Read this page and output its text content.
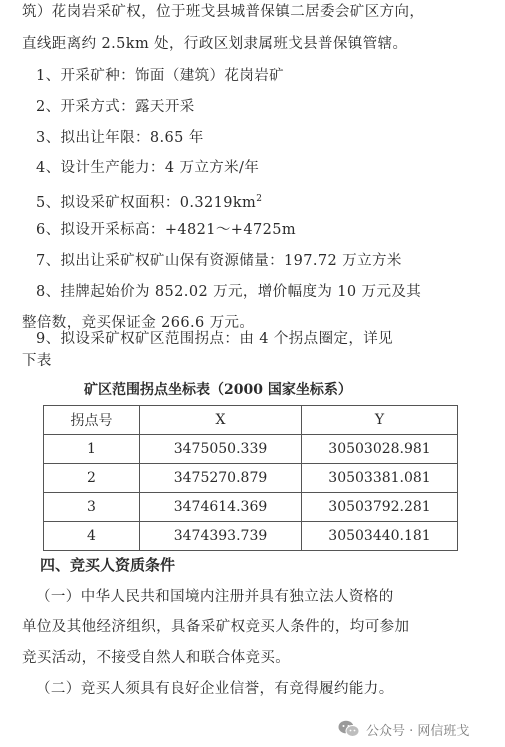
筑）花岗岩采矿权，位于班戈县城普保镇二居委会矿区方向，
直线距离约 2.5km 处，行政区划隶属班戈县普保镇管辖。
1、开采矿种：饰面（建筑）花岗岩矿
2、开采方式：露天开采
3、拟出让年限：8.65 年
4、设计生产能力：4 万立方米/年
5、拟设采矿权面积：$0.3219km^2$
6、拟设开采标高：+4821～+4725m
7、拟出让采矿权矿山保有资源储量：197.72 万立方米
8、挂牌起始价为 852.02 万元，增价幅度为 10 万元及其
整倍数，竞买保证金 266.6 万元。
9、拟设采矿权矿区范围拐点：由 4 个拐点圈定，详见
下表
矿区范围拐点坐标表（2000 国家坐标系）
拐点号	X	Y
1	3475050.339	30503028.981
2	3475270.879	30503381.081
3	3474614.369	30503792.281
4	3474393.739	30503440.181
四、竞买人资质条件
（一）中华人民共和国境内注册并具有独立法人资格的
单位及其他经济组织，具备采矿权竞买人条件的，均可参加
竞买活动，不接受自然人和联合体竞买。
（二）竞买人须具有良好企业信誉，有竞得履约能力。
公众号 · 网信班戈
